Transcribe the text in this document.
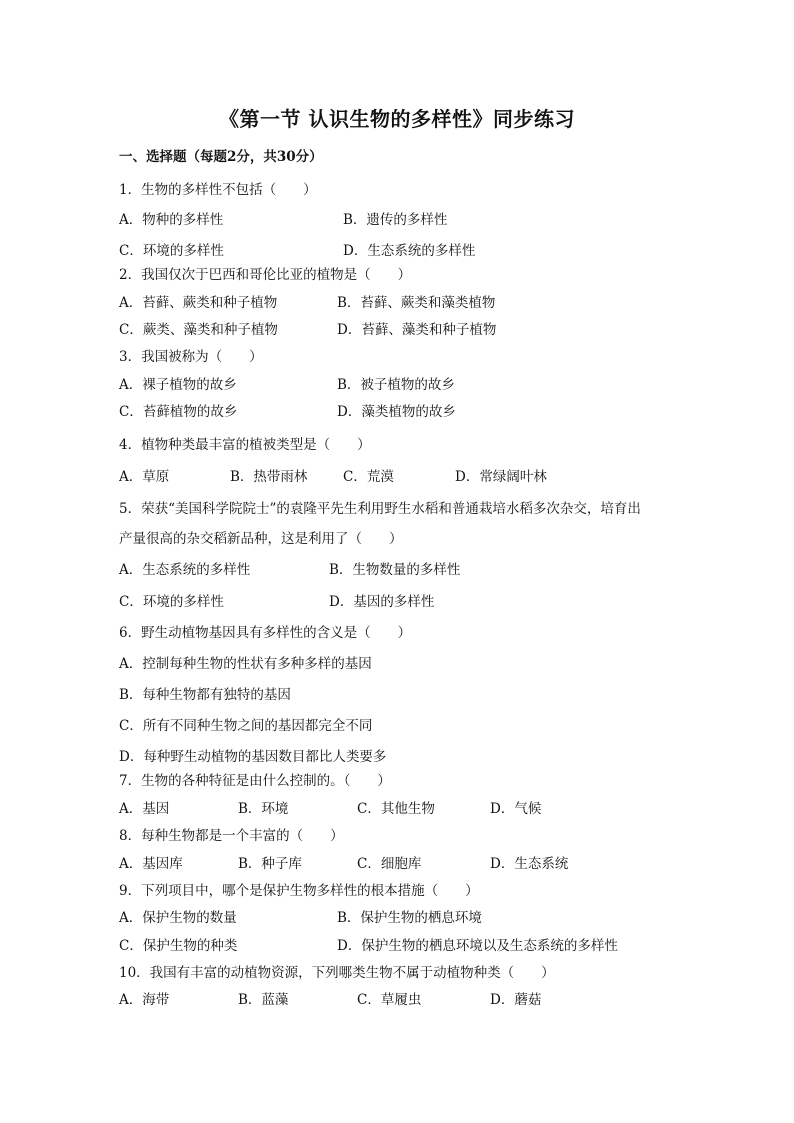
《第一节 认识生物的多样性》同步练习
一、选择题（每题2分，共30分）
1．生物的多样性不包括（　　）
A．物种的多样性	B．遗传的多样性
C．环境的多样性	D．生态系统的多样性
2．我国仅次于巴西和哥伦比亚的植物是（　　）
A．苔藓、蕨类和种子植物	B．苔藓、蕨类和藻类植物
C．蕨类、藻类和种子植物	D．苔藓、藻类和种子植物
3．我国被称为（　　）
A．裸子植物的故乡	B．被子植物的故乡
C．苔藓植物的故乡	D．藻类植物的故乡
4．植物种类最丰富的植被类型是（　　）
A．草原	B．热带雨林	C．荒漠	D．常绿阔叶林
5．荣获“美国科学院院士”的袁隆平先生利用野生水稻和普通栽培水稻多次杂交，培育出
产量很高的杂交稻新品种，这是利用了（　　）
A．生态系统的多样性	B．生物数量的多样性
C．环境的多样性	D．基因的多样性
6．野生动植物基因具有多样性的含义是（　　）
A．控制每种生物的性状有多种多样的基因
B．每种生物都有独特的基因
C．所有不同种生物之间的基因都完全不同
D．每种野生动植物的基因数目都比人类要多
7．生物的各种特征是由什么控制的。（　　）
A．基因	B．环境	C．其他生物	D．气候
8．每种生物都是一个丰富的（　　）
A．基因库	B．种子库	C．细胞库	D．生态系统
9．下列项目中，哪个是保护生物多样性的根本措施（　　）
A．保护生物的数量	B．保护生物的栖息环境
C．保护生物的种类	D．保护生物的栖息环境以及生态系统的多样性
10．我国有丰富的动植物资源，下列哪类生物不属于动植物种类（　　）
A．海带	B．蓝藻	C．草履虫	D．蘑菇
